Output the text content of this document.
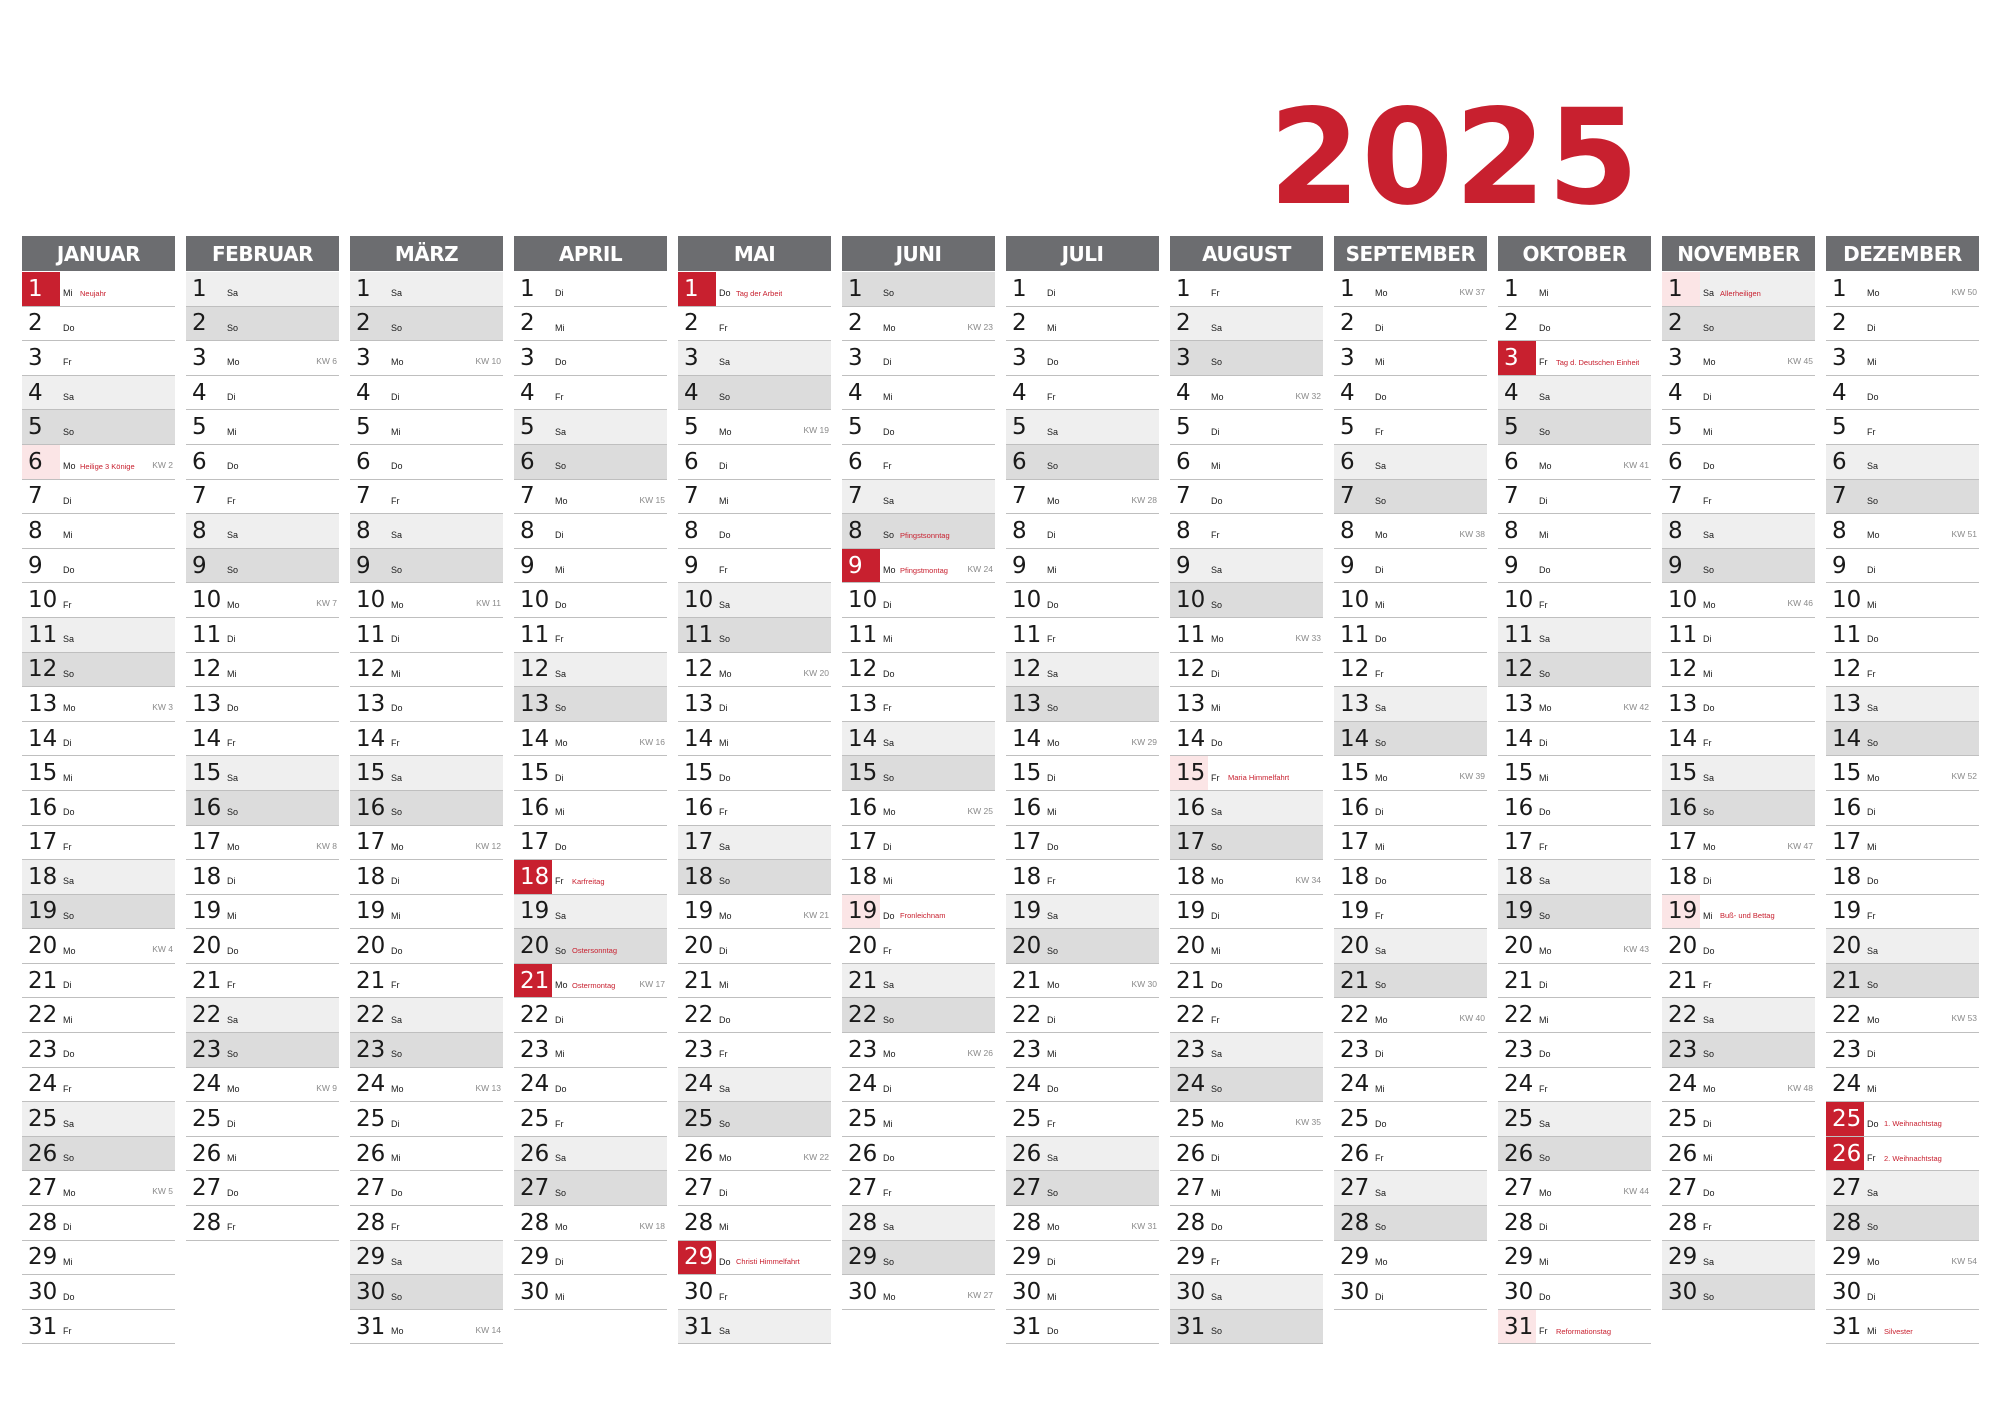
2025
JANUAR
1	Mi	Neujahr
2	Do
3	Fr
4	Sa
5	So
6	Mo Heilige 3 Könige KW 2
7	Di
8	Mi
9	Do
10 Fr
11 Sa
12 So
13 Mo	KW 3
14 Di
15 Mi
16 Do
17 Fr
18 Sa
19 So
20 Mo	KW 4
21 Di
22 Mi
23 Do
24 Fr
25 Sa
26 So
27 Mo	KW 5
28 Di
29 Mi
30 Do
31 Fr
FEBRUAR
1	Sa
2	So
3	Mo	KW 6
4	Di
5	Mi
6	Do
7	Fr
8	Sa
9	So
10 Mo	KW 7
11 Di
12 Mi
13 Do
14 Fr
15 Sa
16 So
17 Mo	KW 8
18 Di
19 Mi
20 Do
21 Fr
22 Sa
23 So
24 Mo	KW 9
25 Di
26 Mi
27 Do
28 Fr
MÄRZ
1	Sa
2	So
3	Mo	KW 10
4	Di
5	Mi
6	Do
7	Fr
8	Sa
9	So
10 Mo	KW 11
11 Di
12 Mi
13 Do
14 Fr
15 Sa
16 So
17 Mo	KW 12
18 Di
19 Mi
20 Do
21 Fr
22 Sa
23 So
24 Mo	KW 13
25 Di
26 Mi
27 Do
28 Fr
29 Sa
30 So
31 Mo	KW 14
APRIL
1	Di
2	Mi
3	Do
4	Fr
5	Sa
6	So
7	Mo	KW 15
8	Di
9	Mi
10 Do
11 Fr
12 Sa
13 So
14 Mo	KW 16
15 Di
16 Mi
17 Do
18 Fr	Karfreitag
19 Sa
20 So Ostersonntag
21 Mo Ostermontag	KW 17
22 Di
23 Mi
24 Do
25 Fr
26 Sa
27 So
28 Mo	KW 18
29 Di
30 Mi
MAI
1	Do Tag der Arbeit
2	Fr
3	Sa
4	So
5	Mo	KW 19
6	Di
7	Mi
8	Do
9	Fr
10 Sa
11 So
12 Mo	KW 20
13 Di
14 Mi
15 Do
16 Fr
17 Sa
18 So
19 Mo	KW 21
20 Di
21 Mi
22 Do
23 Fr
24 Sa
25 So
26 Mo	KW 22
27 Di
28 Mi
29 Do Christi Himmelfahrt
30 Fr
31 Sa
JUNI
1	So
2	Mo	KW 23
3	Di
4	Mi
5	Do
6	Fr
7	Sa
8	So Pfingstsonntag
9	Mo Pfingstmontag KW 24
10 Di
11 Mi
12 Do
13 Fr
14 Sa
15 So
16 Mo	KW 25
17 Di
18 Mi
19 Do Fronleichnam
20 Fr
21 Sa
22 So
23 Mo	KW 26
24 Di
25 Mi
26 Do
27 Fr
28 Sa
29 So
30 Mo	KW 27
JULI
1	Di
2	Mi
3	Do
4	Fr
5	Sa
6	So
7	Mo	KW 28
8	Di
9	Mi
10 Do
11 Fr
12 Sa
13 So
14 Mo	KW 29
15 Di
16 Mi
17 Do
18 Fr
19 Sa
20 So
21 Mo	KW 30
22 Di
23 Mi
24 Do
25 Fr
26 Sa
27 So
28 Mo	KW 31
29 Di
30 Mi
31 Do
AUGUST
1	Fr
2	Sa
3	So
4	Mo	KW 32
5	Di
6	Mi
7	Do
8	Fr
9	Sa
10 So
11 Mo	KW 33
12 Di
13 Mi
14 Do
15 Fr	Maria Himmelfahrt
16 Sa
17 So
18 Mo	KW 34
19 Di
20 Mi
21 Do
22 Fr
23 Sa
24 So
25 Mo	KW 35
26 Di
27 Mi
28 Do
29 Fr
30 Sa
31 So
SEPTEMBER
1	Mo	KW 37
2	Di
3	Mi
4	Do
5	Fr
6	Sa
7	So
8	Mo	KW 38
9	Di
10 Mi
11 Do
12 Fr
13 Sa
14 So
15 Mo	KW 39
16 Di
17 Mi
18 Do
19 Fr
20 Sa
21 So
22 Mo	KW 40
23 Di
24 Mi
25 Do
26 Fr
27 Sa
28 So
29 Mo
30 Di
OKTOBER
1	Mi
2	Do
3	Fr	Tag d. Deutschen Einheit
4	Sa
5	So
6	Mo	KW 41
7	Di
8	Mi
9	Do
10 Fr
11 Sa
12 So
13 Mo	KW 42
14 Di
15 Mi
16 Do
17 Fr
18 Sa
19 So
20 Mo	KW 43
21 Di
22 Mi
23 Do
24 Fr
25 Sa
26 So
27 Mo	KW 44
28 Di
29 Mi
30 Do
31 Fr	Reformationstag
NOVEMBER
1	Sa Allerheiligen
2	So
3	Mo	KW 45
4	Di
5	Mi
6	Do
7	Fr
8	Sa
9	So
10 Mo	KW 46
11 Di
12 Mi
13 Do
14 Fr
15 Sa
16 So
17 Mo	KW 47
18 Di
19 Mi	Buß- und Bettag
20 Do
21 Fr
22 Sa
23 So
24 Mo	KW 48
25 Di
26 Mi
27 Do
28 Fr
29 Sa
30 So
DEZEMBER
1	Mo	KW 50
2	Di
3	Mi
4	Do
5	Fr
6	Sa
7	So
8	Mo	KW 51
9	Di
10 Mi
11 Do
12 Fr
13 Sa
14 So
15 Mo	KW 52
16 Di
17 Mi
18 Do
19 Fr
20 Sa
21 So
22 Mo	KW 53
23 Di
24 Mi
25 Do 1. Weihnachtstag
26 Fr	2. Weihnachtstag
27 Sa
28 So
29 Mo	KW 54
30 Di
31 Mi	Silvester
